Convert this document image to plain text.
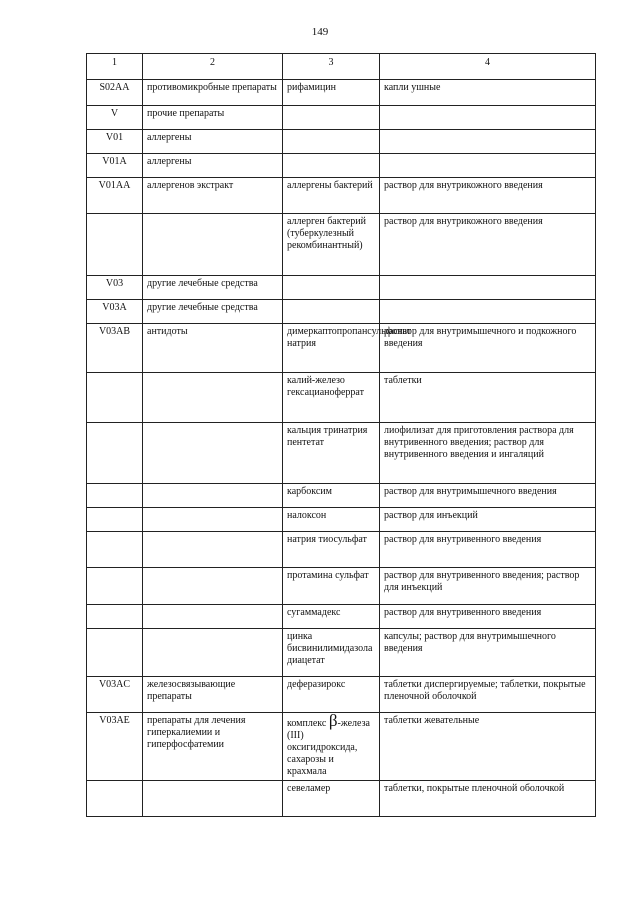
149
1	2	3	4
S02AA	противомикробные препараты	рифамицин	капли ушные
V	прочие препараты		
V01	аллергены		
V01A	аллергены		
V01AA	аллергенов экстракт	аллергены бактерий	раствор для внутрикожного введения
		аллерген бактерий (туберкулезный рекомбинантный)	раствор для внутрикожного введения
V03	другие лечебные средства		
V03A	другие лечебные средства		
V03AB	антидоты	димеркаптопропансульфонат натрия	раствор для внутримышечного и подкожного введения
		калий-железо гексацианоферрат	таблетки
		кальция тринатрия пентетат	лиофилизат для приготовления раствора для внутривенного введения; раствор для внутривенного введения и ингаляций
		карбоксим	раствор для внутримышечного введения
		налоксон	раствор для инъекций
		натрия тиосульфат	раствор для внутривенного введения
		протамина сульфат	раствор для внутривенного введения; раствор для инъекций
		сугаммадекс	раствор для внутривенного введения
		цинка бисвинилимидазола диацетат	капсулы; раствор для внутримышечного введения
V03AC	железосвязывающие препараты	деферазирокс	таблетки диспергируемые; таблетки, покрытые пленочной оболочкой
V03AE	препараты для лечения гиперкалиемии и гиперфосфатемии	комплекс β-железа (III) оксигидроксида, сахарозы и крахмала	таблетки жевательные
		севеламер	таблетки, покрытые пленочной оболочкой
